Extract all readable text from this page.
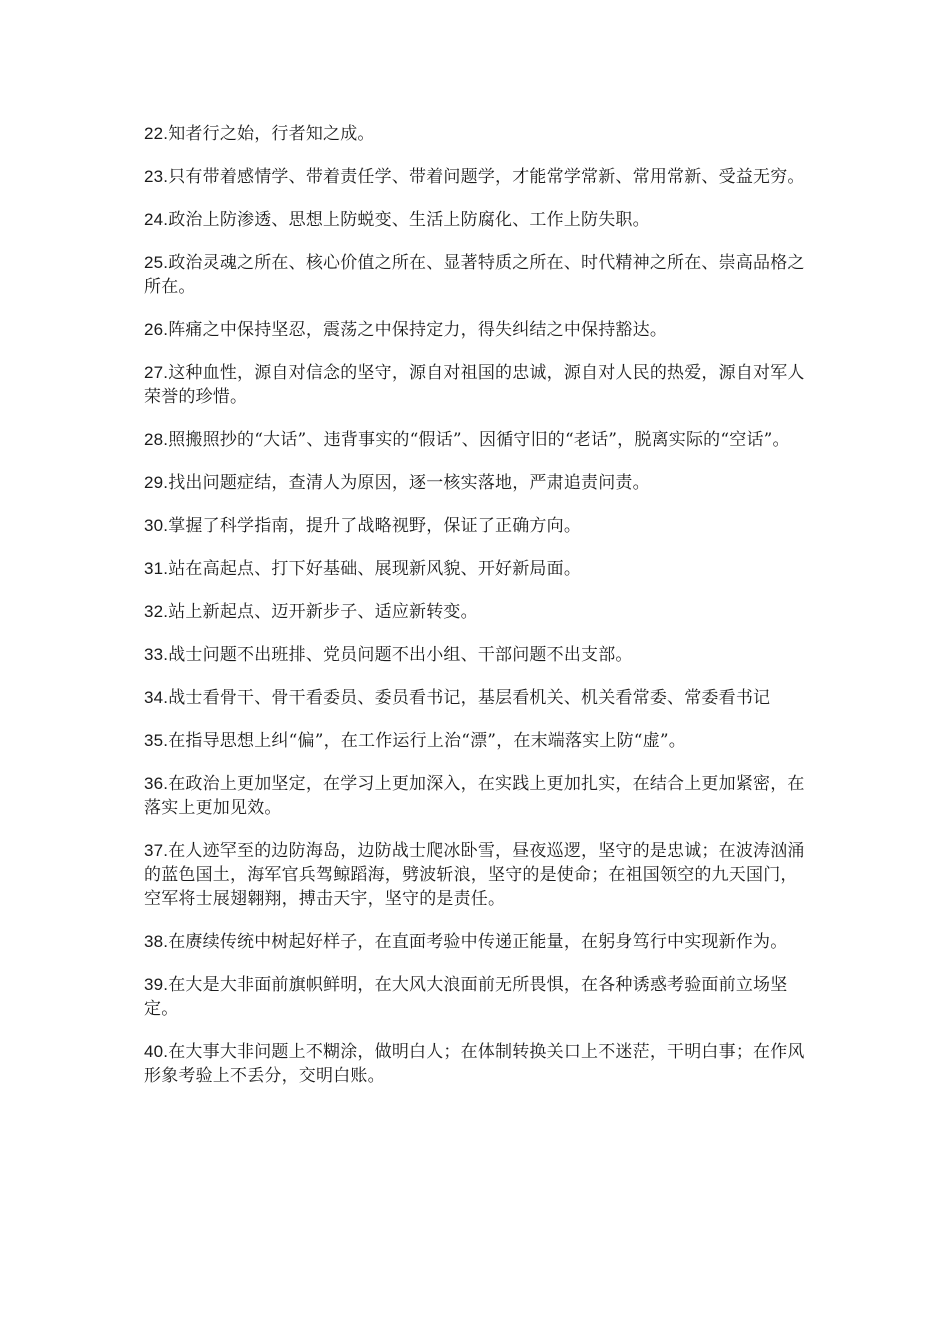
22.知者行之始，行者知之成。

23.只有带着感情学、带着责任学、带着问题学，才能常学常新、常用常新、受益无穷。

24.政治上防渗透、思想上防蜕变、生活上防腐化、工作上防失职。

25.政治灵魂之所在、核心价值之所在、显著特质之所在、时代精神之所在、崇高品格之所在。

26.阵痛之中保持坚忍，震荡之中保持定力，得失纠结之中保持豁达。

27.这种血性，源自对信念的坚守，源自对祖国的忠诚，源自对人民的热爱，源自对军人荣誉的珍惜。

28.照搬照抄的“大话”、违背事实的“假话”、因循守旧的“老话”，脱离实际的“空话”。

29.找出问题症结，查清人为原因，逐一核实落地，严肃追责问责。

30.掌握了科学指南，提升了战略视野，保证了正确方向。

31.站在高起点、打下好基础、展现新风貌、开好新局面。

32.站上新起点、迈开新步子、适应新转变。

33.战士问题不出班排、党员问题不出小组、干部问题不出支部。

34.战士看骨干、骨干看委员、委员看书记，基层看机关、机关看常委、常委看书记

35.在指导思想上纠“偏”，在工作运行上治“漂”，在末端落实上防“虚”。

36.在政治上更加坚定，在学习上更加深入，在实践上更加扎实，在结合上更加紧密，在落实上更加见效。

37.在人迹罕至的边防海岛，边防战士爬冰卧雪，昼夜巡逻，坚守的是忠诚；在波涛汹涌的蓝色国土，海军官兵驾鲸蹈海，劈波斩浪，坚守的是使命；在祖国领空的九天国门，空军将士展翅翱翔，搏击天宇，坚守的是责任。

38.在赓续传统中树起好样子，在直面考验中传递正能量，在躬身笃行中实现新作为。

39.在大是大非面前旗帜鲜明，在大风大浪面前无所畏惧，在各种诱惑考验面前立场坚定。

40.在大事大非问题上不糊涂，做明白人；在体制转换关口上不迷茫，干明白事；在作风形象考验上不丢分，交明白账。
